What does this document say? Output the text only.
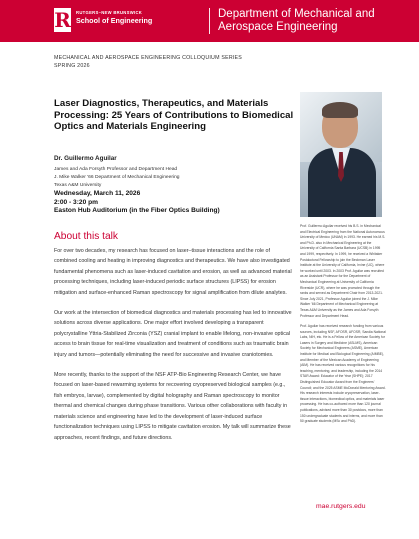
R RUTGERS–NEW BRUNSWICK
School of Engineering
Department of Mechanical and
Aerospace Engineering
MECHANICAL AND AEROSPACE ENGINEERING COLLOQUIUM SERIES
SPRING 2026
Laser Diagnostics, Therapeutics, and Materials Processing: 25 Years of Contributions to Biomedical Optics and Materials Engineering
Dr. Guillermo Aguilar
James and Ada Forsyth Professor and Department Head
J. Mike Walker '66 Department of Mechanical Engineering
Texas A&M University
Wednesday, March 11, 2026
2:00 - 3:20 pm
Easton Hub Auditorium (in the Fiber Optics Building)
About this talk

For over two decades, my research has focused on laser–tissue interactions and the role of combined cooling and heating in improving diagnostics and therapeutics. We have also investigated fundamental phenomena such as laser-induced cavitation and erosion, as well as advanced material processing techniques, including laser-induced periodic surface structures (LIPSS) for erosion mitigation and surface-enhanced Raman spectroscopy for signal amplification from dilute analytes.

Our work at the intersection of biomedical diagnostics and materials processing has led to innovative solutions across diverse applications. One major effort involved developing a transparent polycrystalline Yttria-Stabilized Zirconia (YSZ) cranial implant to enable lifelong, non-invasive optical access to brain tissue for real-time visualization and treatment of conditions such as traumatic brain injury and tumors—potentially eliminating the need for successive and invasive craniotomies.

More recently, thanks to the support of the NSF ATP-Bio Engineering Research Center, we have focused on laser-based rewarming systems for recovering cryopreserved biological samples (e.g., fish embryos, larvae), complemented by digital holography and Raman spectroscopy to monitor thermal and chemical changes during phase transitions. Various other collaborations with faculty in materials science and engineering have led to the development of laser-induced surface functionalization techniques using LIPSS to mitigate cavitation erosion. My talk will summarize these approaches, recent findings, and future directions.

Prof. Guillermo Aguilar received his B.S. in Mechanical and Electrical Engineering from the National Autonomous University of Mexico (UNAM) in 1993. He earned his M.S. and Ph.D. also in Mechanical Engineering at the University of California Santa Barbara (UCSB) in 1995 and 1999, respectively. In 1999, he received a Whitaker Postdoctoral Fellowship to join the Beckman Laser Institute at the University of California, Irvine (UC), where he worked until 2003. In 2003 Prof. Aguilar was recruited as an Assistant Professor for the Department of Mechanical Engineering at University of California Riverside (UCR), where he was promoted through the ranks and served as Department Chair from 2013-2021. Since July 2021, Professor Aguilar joined the J. Mike Walker '66 Department of Mechanical Engineering at Texas A&M University as the James and Ada Forsyth Professor and Department Head.

Prof. Aguilar has received research funding from various sources, including NSF, AFOSR, AFOSR, Sandia National Labs, NIH, etc. He is a Fellow of the American Society for Lasers in Surgery and Medicine (ASLMS), American Society for Mechanical Engineers (ASME), American Institute for Medical and Biological Engineering (AIMBE), and Member of the Mexican Academy of Engineering (AIM). He has received various recognitions for his teaching, mentoring, and leadership, including the 2014 STAR Award: Educator of the Year (SHPE); 2017 Distinguished Educator Award from the Engineers' Council; and the 2025 ASME McDonald Mentoring Award. His research interests include cryopreservation, laser-tissue interactions, biomedical optics, and materials laser processing. He has co-authored more than 120 journal publications, advised more than 30 postdocs, more than 150 undergraduate students and interns, and more than 50 graduate students (MSc and PhD).

mae.rutgers.edu
